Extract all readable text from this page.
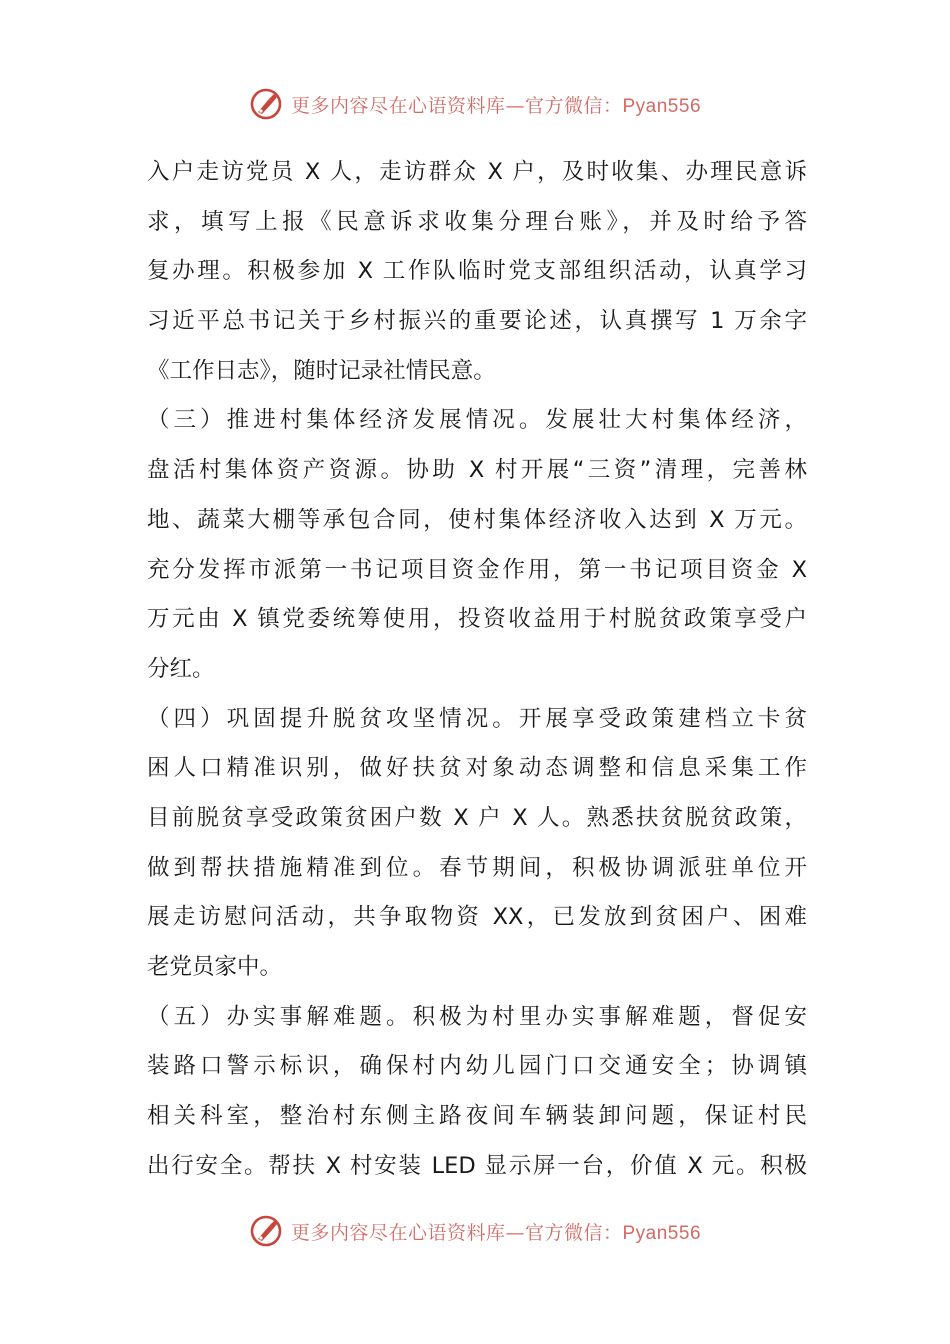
更多内容尽在心语资料库—官方微信：Pyan556
入户走访党员 X 人，走访群众 X 户，及时收集、办理民意诉
求，填写上报《民意诉求收集分理台账》，并及时给予答
复办理。积极参加 X 工作队临时党支部组织活动，认真学习
习近平总书记关于乡村振兴的重要论述，认真撰写 1 万余字
《工作日志》，随时记录社情民意。
（三）推进村集体经济发展情况。发展壮大村集体经济，
盘活村集体资产资源。协助 X 村开展“三资”清理，完善林
地、蔬菜大棚等承包合同，使村集体经济收入达到 X 万元。
充分发挥市派第一书记项目资金作用，第一书记项目资金 X
万元由 X 镇党委统筹使用，投资收益用于村脱贫政策享受户
分红。
（四）巩固提升脱贫攻坚情况。开展享受政策建档立卡贫
困人口精准识别，做好扶贫对象动态调整和信息采集工作
目前脱贫享受政策贫困户数 X 户 X 人。熟悉扶贫脱贫政策，
做到帮扶措施精准到位。春节期间，积极协调派驻单位开
展走访慰问活动，共争取物资 XX，已发放到贫困户、困难
老党员家中。
（五）办实事解难题。积极为村里办实事解难题，督促安
装路口警示标识，确保村内幼儿园门口交通安全；协调镇
相关科室，整治村东侧主路夜间车辆装卸问题，保证村民
出行安全。帮扶 X 村安装 LED 显示屏一台，价值 X 元。积极
更多内容尽在心语资料库—官方微信：Pyan556
